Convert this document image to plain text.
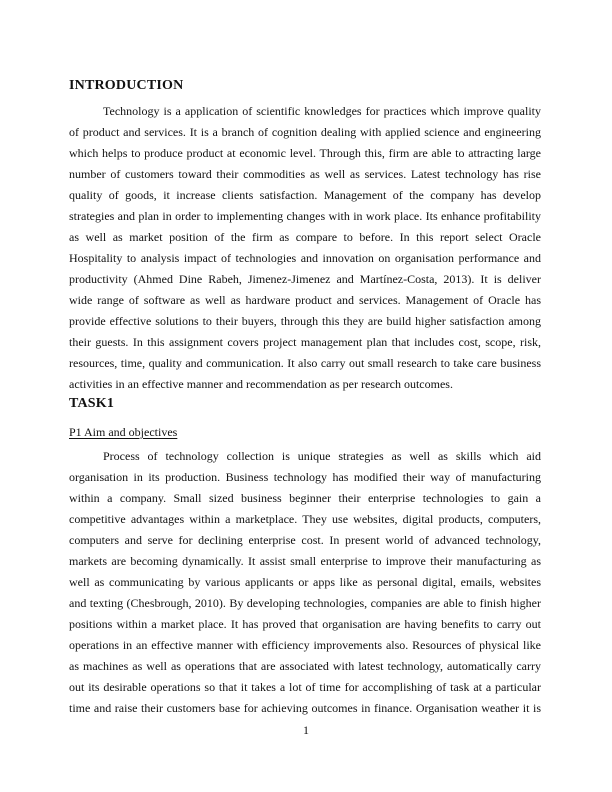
INTRODUCTION
Technology is a application of scientific knowledges for practices which improve quality
of product and services. It is a branch of cognition dealing with applied science and engineering
which helps to produce product at economic level. Through this, firm are able to attracting large
number of customers toward their commodities as well as services. Latest technology has rise
quality of goods, it increase clients satisfaction. Management of the company has develop
strategies and plan in order to implementing changes with in work place. Its enhance profitability
as well as market position of the firm as compare to before. In this report select Oracle
Hospitality to analysis impact of technologies and innovation on organisation performance and
productivity (Ahmed Dine Rabeh, Jimenez-Jimenez and Martínez-Costa, 2013). It is deliver
wide range of software as well as hardware product and services. Management of Oracle has
provide effective solutions to their buyers, through this they are build higher satisfaction among
their guests. In this assignment covers project management plan that includes cost, scope, risk,
resources, time, quality and communication. It also carry out small research to take care business
activities in an effective manner and recommendation as per research outcomes.
TASK1
P1 Aim and objectives
Process of technology collection is unique strategies as well as skills which aid
organisation in its production. Business technology has modified their way of manufacturing
within a company. Small sized business beginner their enterprise technologies to gain a
competitive advantages within a marketplace. They use websites, digital products, computers,
computers and serve for declining enterprise cost. In present world of advanced technology,
markets are becoming dynamically. It assist small enterprise to improve their manufacturing as
well as communicating by various applicants or apps like as personal digital, emails, websites
and texting (Chesbrough, 2010). By developing technologies, companies are able to finish higher
positions within a market place. It has proved that organisation are having benefits to carry out
operations in an effective manner with efficiency improvements also. Resources of physical like
as machines as well as operations that are associated with latest technology, automatically carry
out its desirable operations so that it takes a lot of time for accomplishing of task at a particular
time and raise their customers base for achieving outcomes in finance. Organisation weather it is
1
